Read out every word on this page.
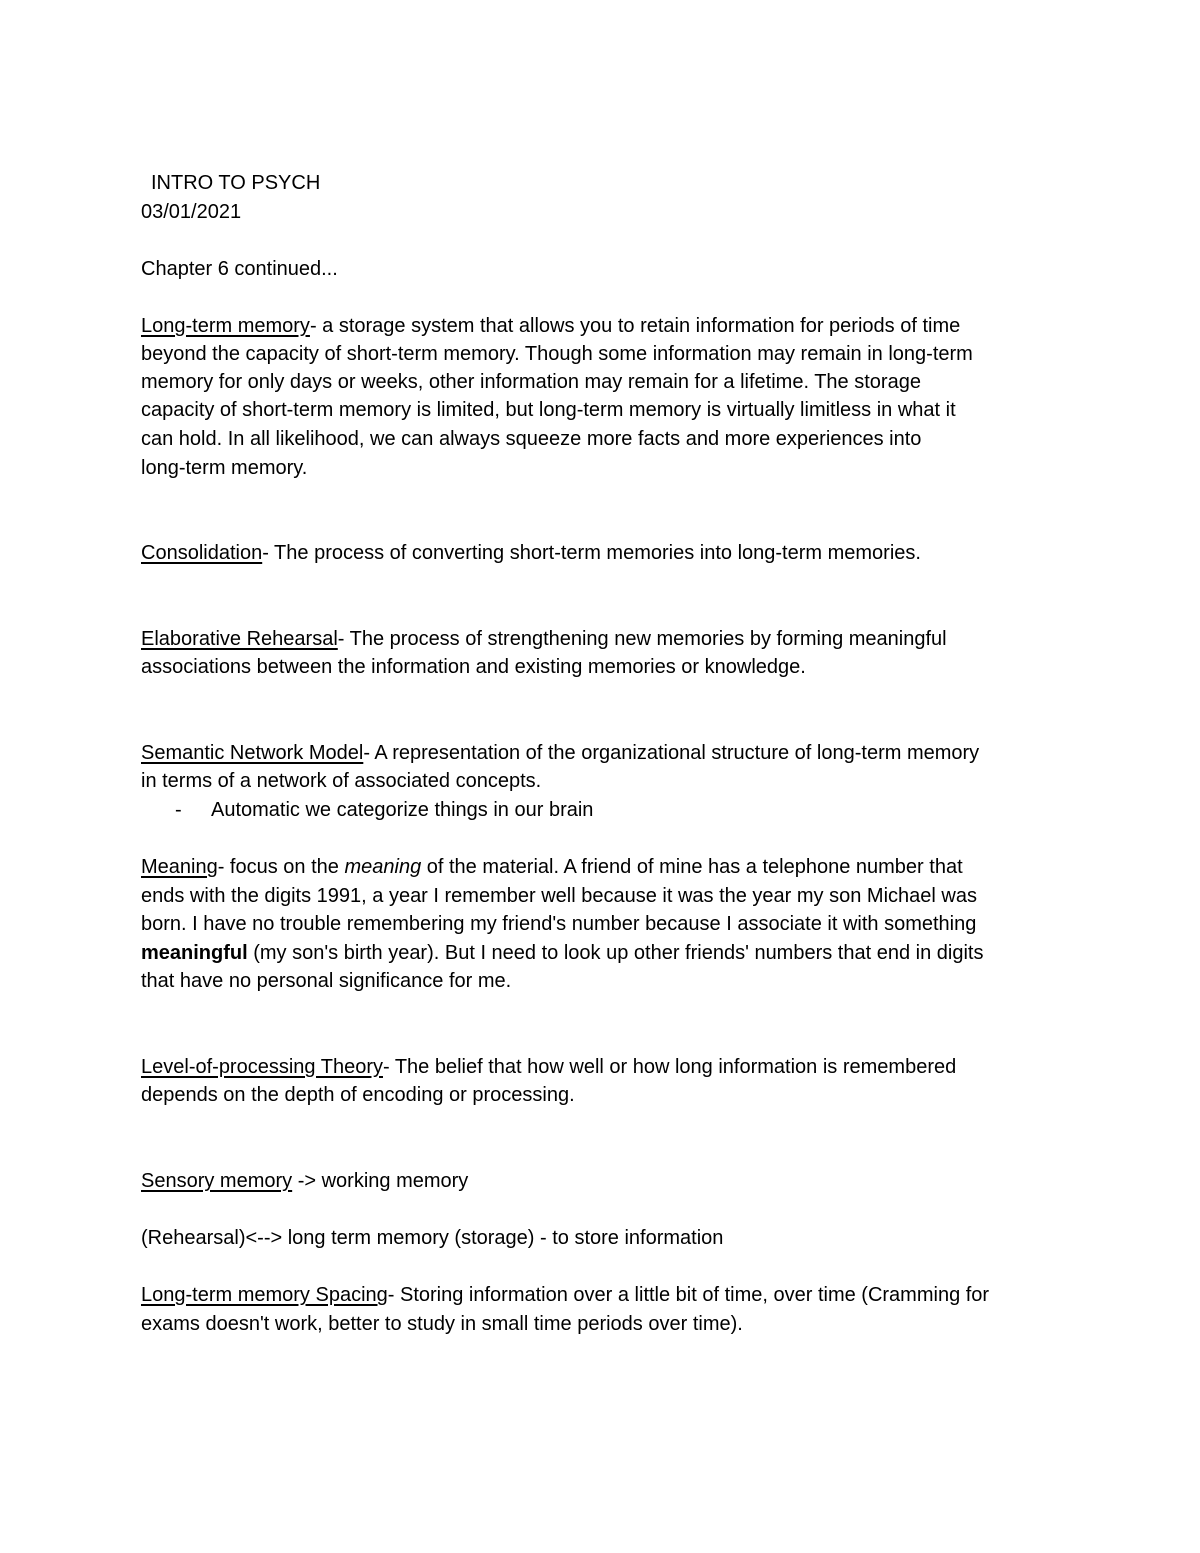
INTRO TO PSYCH
03/01/2021
Chapter 6 continued...
Long-term memory- a storage system that allows you to retain information for periods of time
beyond the capacity of short-term memory. Though some information may remain in long-term
memory for only days or weeks, other information may remain for a lifetime. The storage
capacity of short-term memory is limited, but long-term memory is virtually limitless in what it
can hold. In all likelihood, we can always squeeze more facts and more experiences into
long-term memory.
Consolidation- The process of converting short-term memories into long-term memories.
Elaborative Rehearsal- The process of strengthening new memories by forming meaningful
associations between the information and existing memories or knowledge.
Semantic Network Model- A representation of the organizational structure of long-term memory
in terms of a network of associated concepts.
- Automatic we categorize things in our brain
Meaning- focus on the meaning of the material. A friend of mine has a telephone number that
ends with the digits 1991, a year I remember well because it was the year my son Michael was
born. I have no trouble remembering my friend's number because I associate it with something
meaningful (my son's birth year). But I need to look up other friends' numbers that end in digits
that have no personal significance for me.
Level-of-processing Theory- The belief that how well or how long information is remembered
depends on the depth of encoding or processing.
Sensory memory -> working memory
(Rehearsal)<--> long term memory (storage) - to store information
Long-term memory Spacing- Storing information over a little bit of time, over time (Cramming for
exams doesn't work, better to study in small time periods over time).
